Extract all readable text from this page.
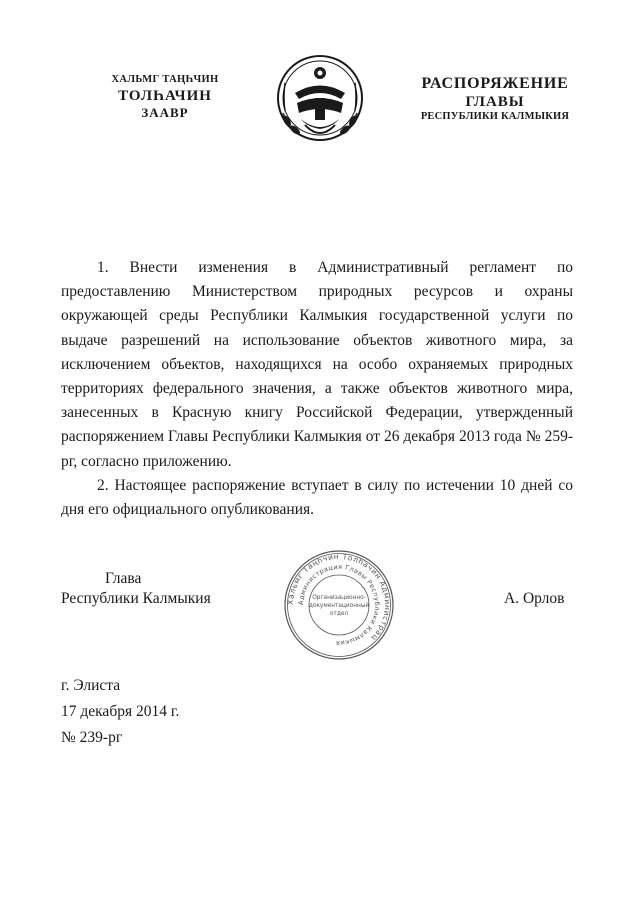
ХАЛЬМГ ТАҢҺЧИН
ТОЛҺАЧИН
ЗААВР
РАСПОРЯЖЕНИЕ
ГЛАВЫ
РЕСПУБЛИКИ КАЛМЫКИЯ

1. Внести изменения в Административный регламент по предоставлению Министерством природных ресурсов и охраны окружающей среды Республики Калмыкия государственной услуги по выдаче разрешений на использование объектов животного мира, за исключением объектов, находящихся на особо охраняемых природных территориях федерального значения, а также объектов животного мира, занесенных в Красную книгу Российской Федерации, утвержденный распоряжением Главы Республики Калмыкия от 26 декабря 2013 года № 259-рг, согласно приложению.

2. Настоящее распоряжение вступает в силу по истечении 10 дней со дня его официального опубликования.

Глава
Республики Калмыкия	Хальмг Таңһчин Толһачин Администрац
Администрация Главы Республики Калмыкия
Организационно-
документационный
отдел
А. Орлов
г. Элиста
17 декабря 2014 г.
№ 239-рг
